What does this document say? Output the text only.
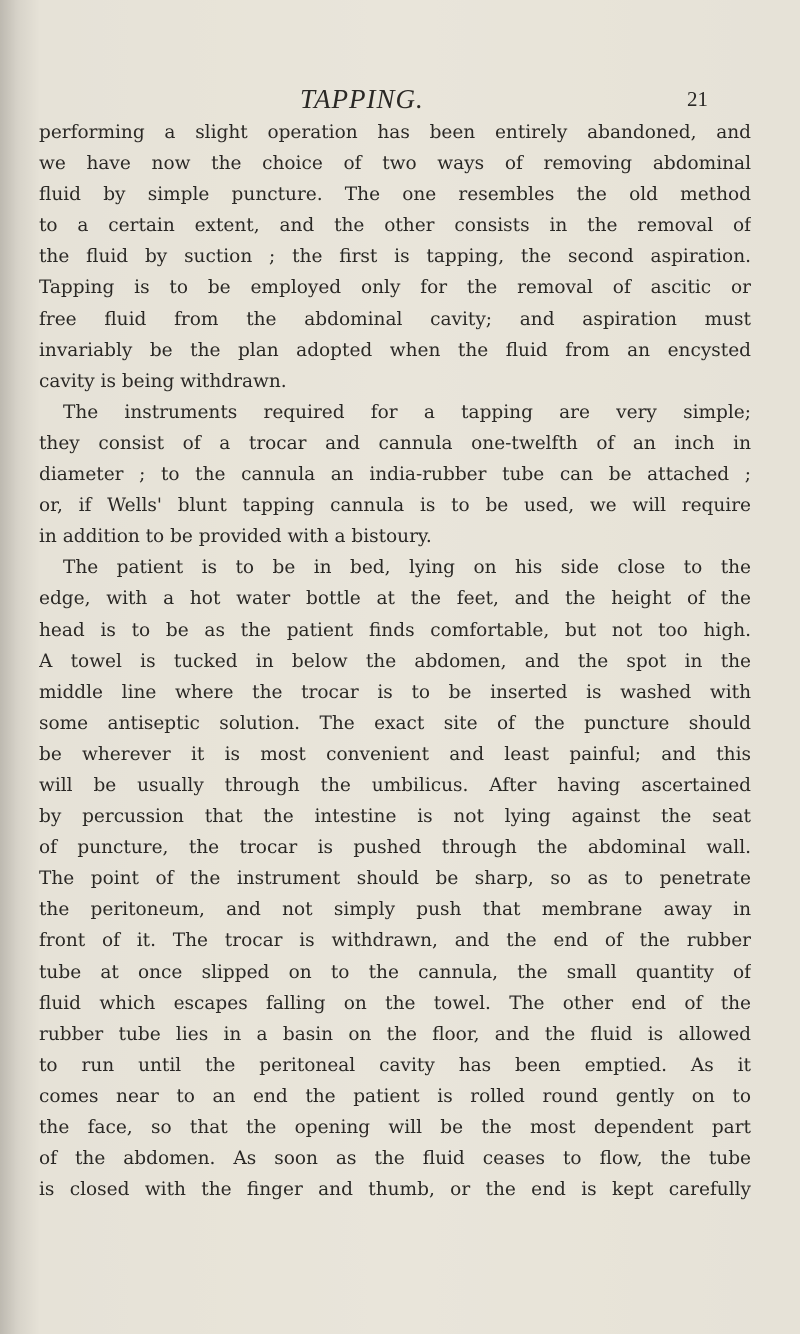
TAPPING.	21
performing a slight operation has been entirely abandoned, and
we have now the choice of two ways of removing abdominal
fluid by simple puncture. The one resembles the old method
to a certain extent, and the other consists in the removal of
the fluid by suction ; the first is tapping, the second aspiration.
Tapping is to be employed only for the removal of ascitic or
free fluid from the abdominal cavity; and aspiration must
invariably be the plan adopted when the fluid from an encysted
cavity is being withdrawn.
The instruments required for a tapping are very simple;
they consist of a trocar and cannula one-twelfth of an inch in
diameter ; to the cannula an india-rubber tube can be attached ;
or, if Wells' blunt tapping cannula is to be used, we will require
in addition to be provided with a bistoury.
The patient is to be in bed, lying on his side close to the
edge, with a hot water bottle at the feet, and the height of the
head is to be as the patient finds comfortable, but not too high.
A towel is tucked in below the abdomen, and the spot in the
middle line where the trocar is to be inserted is washed with
some antiseptic solution. The exact site of the puncture should
be wherever it is most convenient and least painful; and this
will be usually through the umbilicus. After having ascertained
by percussion that the intestine is not lying against the seat
of puncture, the trocar is pushed through the abdominal wall.
The point of the instrument should be sharp, so as to penetrate
the peritoneum, and not simply push that membrane away in
front of it. The trocar is withdrawn, and the end of the rubber
tube at once slipped on to the cannula, the small quantity of
fluid which escapes falling on the towel. The other end of the
rubber tube lies in a basin on the floor, and the fluid is allowed
to run until the peritoneal cavity has been emptied. As it
comes near to an end the patient is rolled round gently on to
the face, so that the opening will be the most dependent part
of the abdomen. As soon as the fluid ceases to flow, the tube
is closed with the finger and thumb, or the end is kept carefully
